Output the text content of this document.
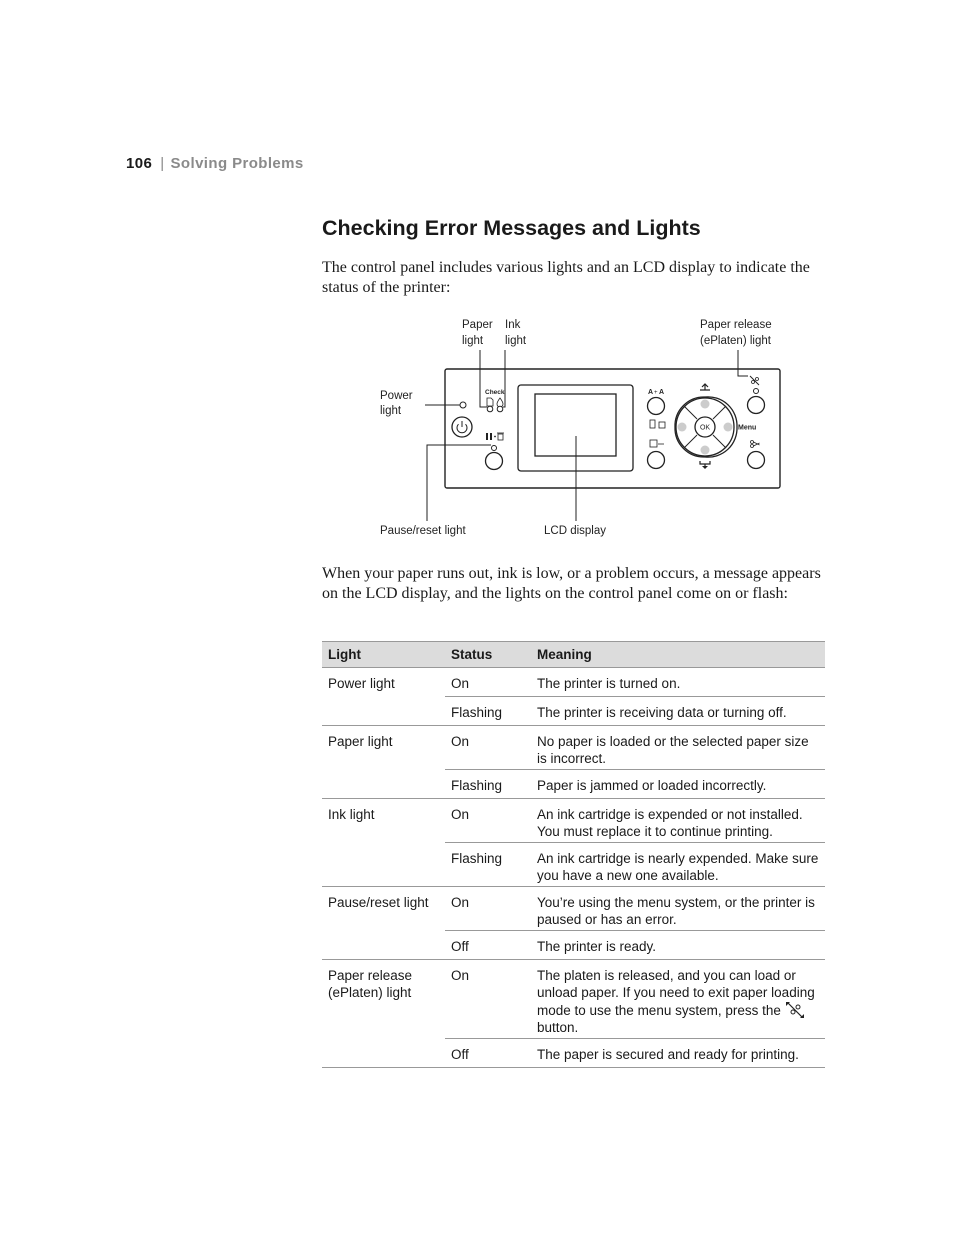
106 | Solving Problems
Checking Error Messages and Lights

The control panel includes various lights and an LCD display to indicate the status of the printer:

Paper
light
Ink
light
Paper release
(ePlaten) light
Power
light
Pause/reset light	LCD display
Check	A + A
OK	Menu

When your paper runs out, ink is low, or a problem occurs, a message appears on the LCD display, and the lights on the control panel come on or flash:

Light	Status	Meaning
Power light	On	The printer is turned on.
	Flashing	The printer is receiving data or turning off.
Paper light	On	No paper is loaded or the selected paper size is incorrect.
	Flashing	Paper is jammed or loaded incorrectly.
Ink light	On	An ink cartridge is expended or not installed. You must replace it to continue printing.
	Flashing	An ink cartridge is nearly expended. Make sure you have a new one available.
Pause/reset light	On	You’re using the menu system, or the printer is paused or has an error.
	Off	The printer is ready.
Paper release (ePlaten) light	On	The platen is released, and you can load or unload paper. If you need to exit paper loading mode to use the menu system, press the  button.
	Off	The paper is secured and ready for printing.
